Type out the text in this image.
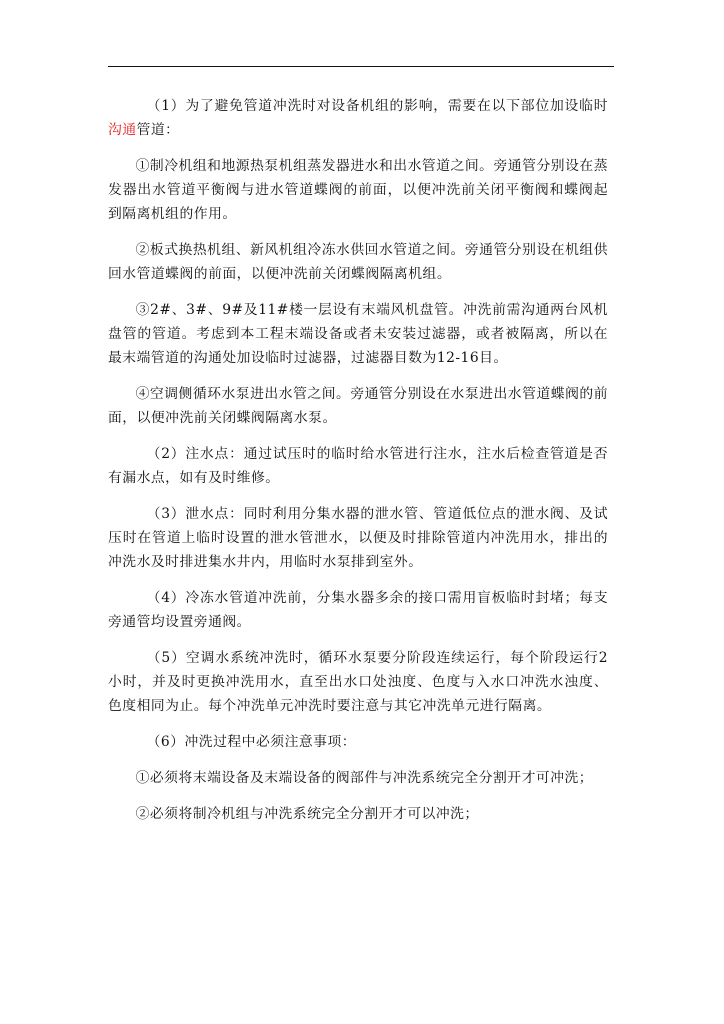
（1）为了避免管道冲洗时对设备机组的影响，需要在以下部位加设临时沟通管道：

①制冷机组和地源热泵机组蒸发器进水和出水管道之间。旁通管分别设在蒸发器出水管道平衡阀与进水管道蝶阀的前面，以便冲洗前关闭平衡阀和蝶阀起到隔离机组的作用。

②板式换热机组、新风机组冷冻水供回水管道之间。旁通管分别设在机组供回水管道蝶阀的前面，以便冲洗前关闭蝶阀隔离机组。

③2#、3#、9#及11#楼一层设有末端风机盘管。冲洗前需沟通两台风机盘管的管道。考虑到本工程末端设备或者未安装过滤器，或者被隔离，所以在最末端管道的沟通处加设临时过滤器，过滤器目数为12-16目。

④空调侧循环水泵进出水管之间。旁通管分别设在水泵进出水管道蝶阀的前面，以便冲洗前关闭蝶阀隔离水泵。

（2）注水点：通过试压时的临时给水管进行注水，注水后检查管道是否有漏水点，如有及时维修。

（3）泄水点：同时利用分集水器的泄水管、管道低位点的泄水阀、及试压时在管道上临时设置的泄水管泄水，以便及时排除管道内冲洗用水，排出的冲洗水及时排进集水井内，用临时水泵排到室外。

（4）冷冻水管道冲洗前，分集水器多余的接口需用盲板临时封堵；每支旁通管均设置旁通阀。

（5）空调水系统冲洗时，循环水泵要分阶段连续运行，每个阶段运行2小时，并及时更换冲洗用水，直至出水口处浊度、色度与入水口冲洗水浊度、色度相同为止。每个冲洗单元冲洗时要注意与其它冲洗单元进行隔离。

（6）冲洗过程中必须注意事项：

①必须将末端设备及末端设备的阀部件与冲洗系统完全分割开才可冲洗；

②必须将制冷机组与冲洗系统完全分割开才可以冲洗；
